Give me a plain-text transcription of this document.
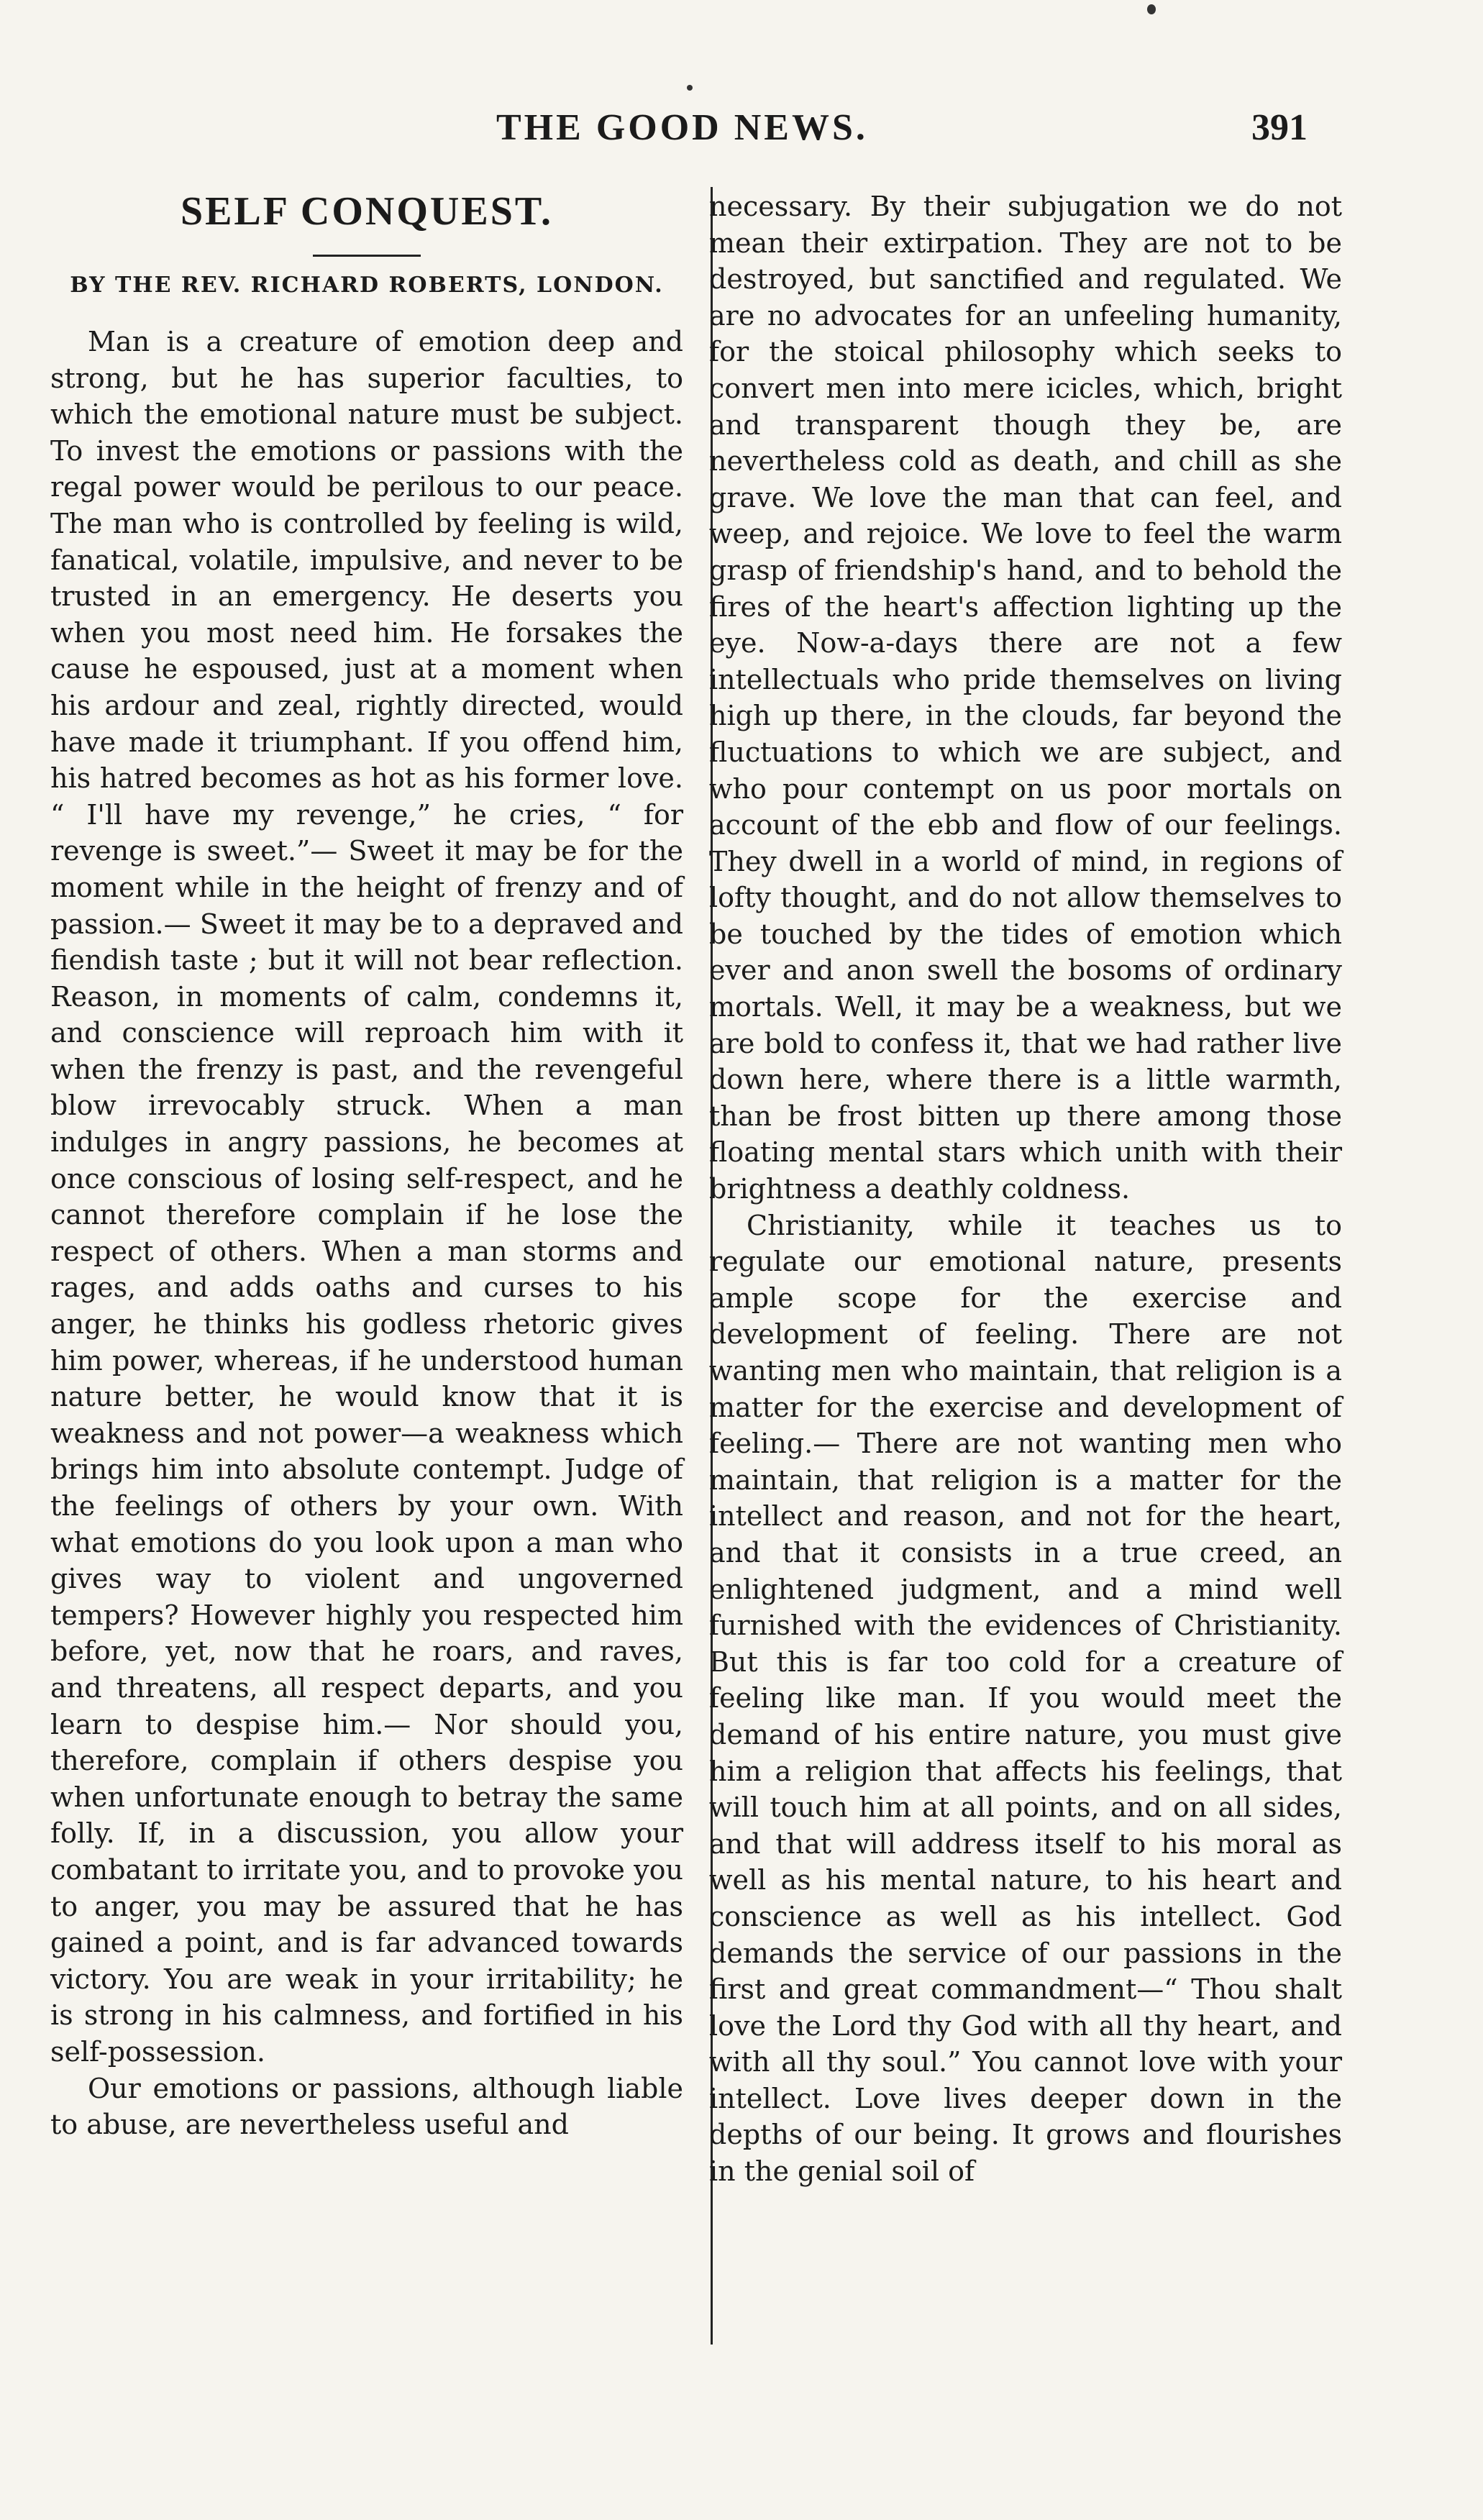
THE GOOD NEWS.	391
SELF CONQUEST.
BY THE REV. RICHARD ROBERTS, LONDON.

Man is a creature of emotion deep and strong, but he has superior faculties, to which the emotional nature must be subject. To invest the emotions or passions with the regal power would be perilous to our peace. The man who is controlled by feeling is wild, fanatical, volatile, impulsive, and never to be trusted in an emergency. He deserts you when you most need him. He forsakes the cause he espoused, just at a moment when his ardour and zeal, rightly directed, would have made it triumphant. If you offend him, his hatred becomes as hot as his former love. “ I'll have my revenge,” he cries, “ for revenge is sweet.”— Sweet it may be for the moment while in the height of frenzy and of passion.— Sweet it may be to a depraved and fiendish taste ; but it will not bear reflection. Reason, in moments of calm, condemns it, and conscience will reproach him with it when the frenzy is past, and the revengeful blow irrevocably struck. When a man indulges in angry passions, he becomes at once conscious of losing self-respect, and he cannot therefore complain if he lose the respect of others. When a man storms and rages, and adds oaths and curses to his anger, he thinks his godless rhetoric gives him power, whereas, if he understood human nature better, he would know that it is weakness and not power—a weakness which brings him into absolute contempt. Judge of the feelings of others by your own. With what emotions do you look upon a man who gives way to violent and ungoverned tempers? However highly you respected him before, yet, now that he roars, and raves, and threatens, all respect departs, and you learn to despise him.— Nor should you, therefore, complain if others despise you when unfortunate enough to betray the same folly. If, in a discussion, you allow your combatant to irritate you, and to provoke you to anger, you may be assured that he has gained a point, and is far advanced towards victory. You are weak in your irritability; he is strong in his calmness, and fortified in his self-possession.

Our emotions or passions, although liable to abuse, are nevertheless useful and

necessary. By their subjugation we do not mean their extirpation. They are not to be destroyed, but sanctified and regulated. We are no advocates for an unfeeling humanity, for the stoical philosophy which seeks to convert men into mere icicles, which, bright and transparent though they be, are nevertheless cold as death, and chill as she grave. We love the man that can feel, and weep, and rejoice. We love to feel the warm grasp of friendship's hand, and to behold the fires of the heart's affection lighting up the eye. Now-a-days there are not a few intellectuals who pride themselves on living high up there, in the clouds, far beyond the fluctuations to which we are subject, and who pour contempt on us poor mortals on account of the ebb and flow of our feelings. They dwell in a world of mind, in regions of lofty thought, and do not allow themselves to be touched by the tides of emotion which ever and anon swell the bosoms of ordinary mortals. Well, it may be a weakness, but we are bold to confess it, that we had rather live down here, where there is a little warmth, than be frost bitten up there among those floating mental stars which unith with their brightness a deathly coldness.

Christianity, while it teaches us to regulate our emotional nature, presents ample scope for the exercise and development of feeling. There are not wanting men who maintain, that religion is a matter for the exercise and development of feeling.— There are not wanting men who maintain, that religion is a matter for the intellect and reason, and not for the heart, and that it consists in a true creed, an enlightened judgment, and a mind well furnished with the evidences of Christianity. But this is far too cold for a creature of feeling like man. If you would meet the demand of his entire nature, you must give him a religion that affects his feelings, that will touch him at all points, and on all sides, and that will address itself to his moral as well as his mental nature, to his heart and conscience as well as his intellect. God demands the service of our passions in the first and great commandment—“ Thou shalt love the Lord thy God with all thy heart, and with all thy soul.” You cannot love with your intellect. Love lives deeper down in the depths of our being. It grows and flourishes in the genial soil of
